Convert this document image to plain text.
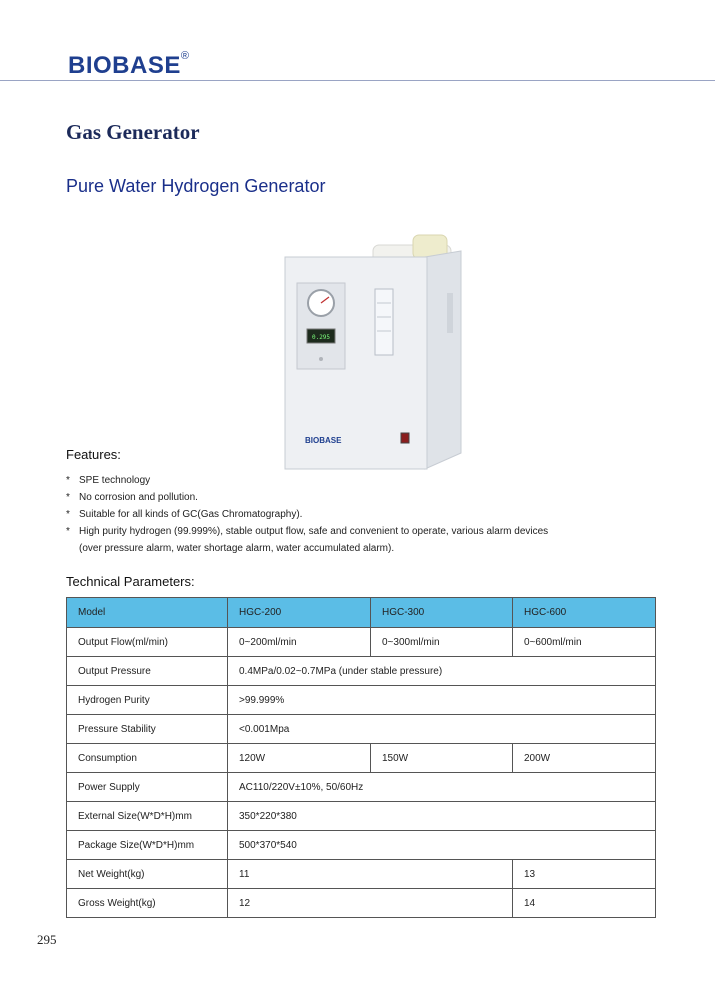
BIOBASE®
Gas Generator
Pure Water Hydrogen Generator
0.295
BIOBASE
Features:
* SPE technology
* No corrosion and pollution.
* Suitable for all kinds of GC(Gas Chromatography).
* High purity hydrogen (99.999%), stable output flow, safe and convenient to operate, various alarm devices
(over pressure alarm, water shortage alarm, water accumulated alarm).
Technical Parameters:
Model	HGC-200	HGC-300	HGC-600
Output Flow(ml/min)	0~200ml/min	0~300ml/min	0~600ml/min
Output Pressure	0.4MPa/0.02~0.7MPa (under stable pressure)		
Hydrogen Purity	>99.999%		
Pressure Stability	<0.001Mpa		
Consumption	120W	150W	200W
Power Supply	AC110/220V±10%, 50/60Hz		
External Size(W*D*H)mm	350*220*380		
Package Size(W*D*H)mm	500*370*540		
Net Weight(kg)	11		13
Gross Weight(kg)	12		14
295
